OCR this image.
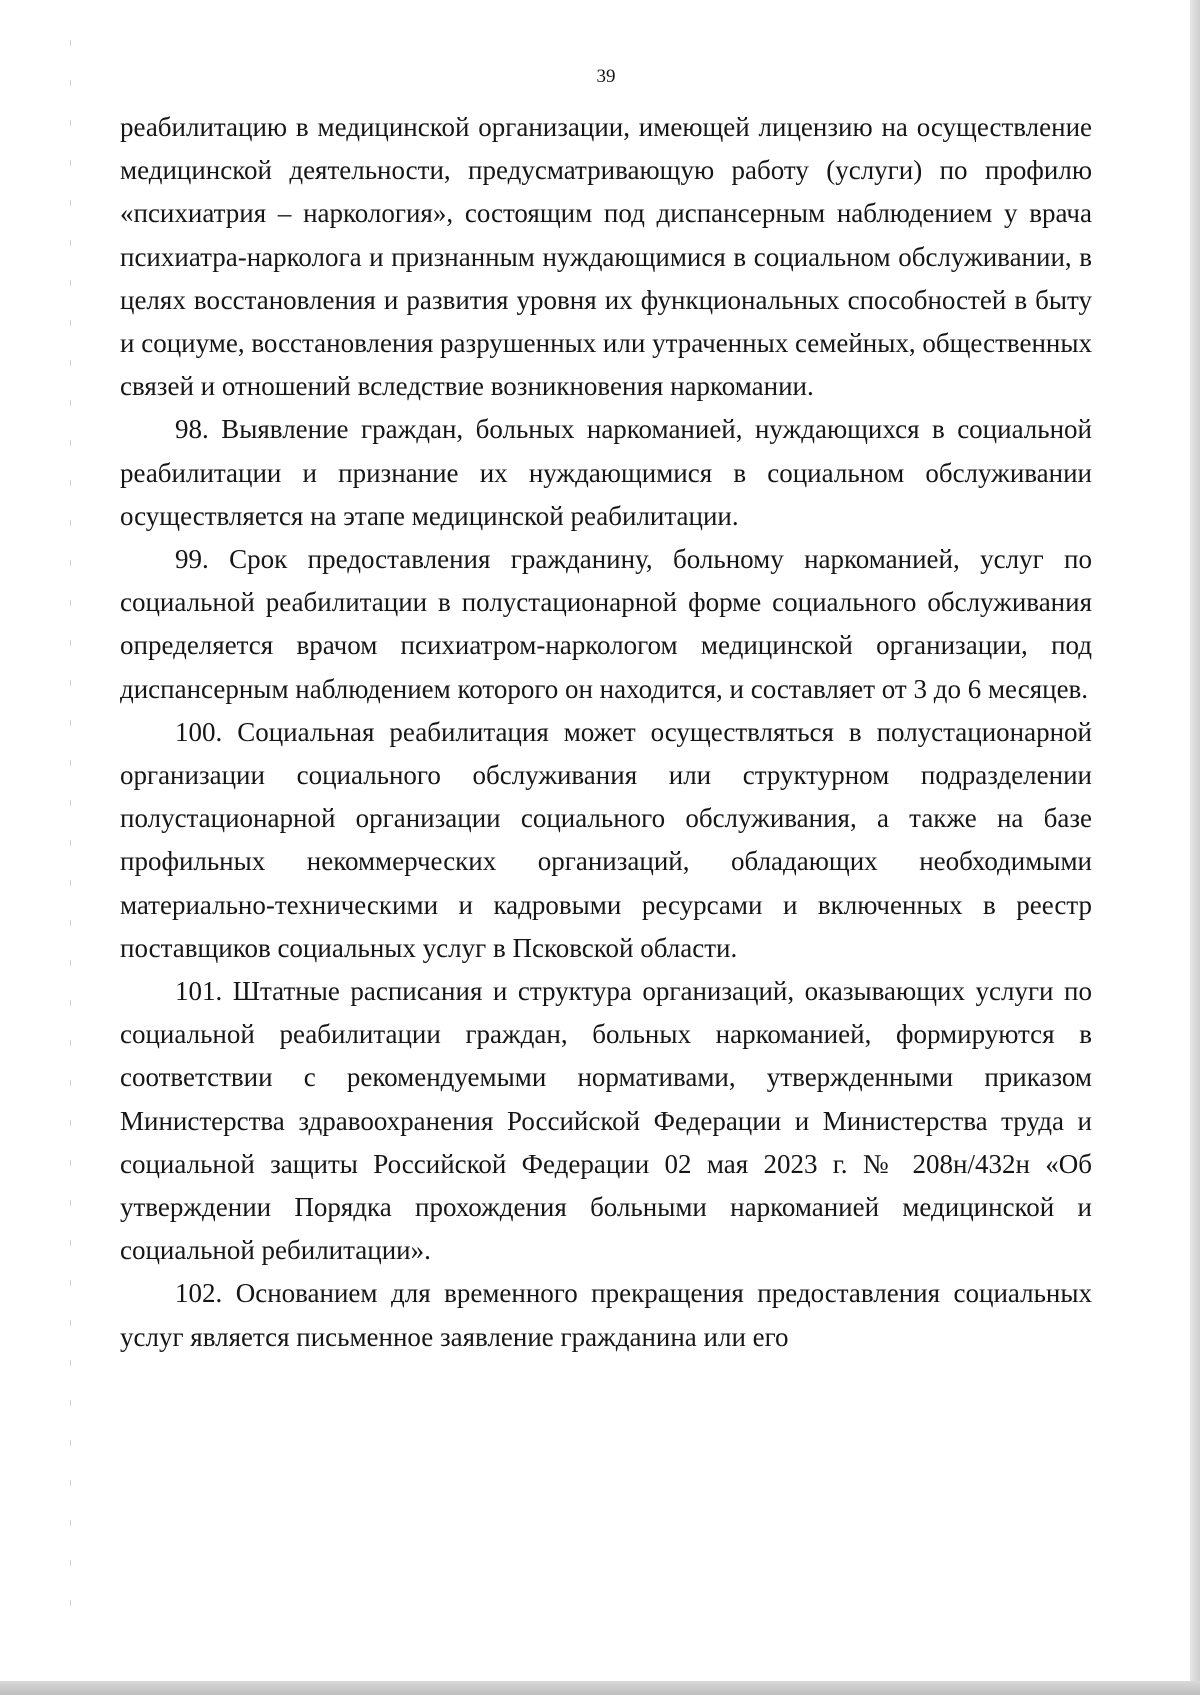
39

реабилитацию в медицинской организации, имеющей лицензию на осуществление медицинской деятельности, предусматривающую работу (услуги) по профилю «психиатрия – наркология», состоящим под диспансерным наблюдением у врача психиатра-нарколога и признанным нуждающимися в социальном обслуживании, в целях восстановления и развития уровня их функциональных способностей в быту и социуме, восстановления разрушенных или утраченных семейных, общественных связей и отношений вследствие возникновения наркомании.

98. Выявление граждан, больных наркоманией, нуждающихся в социальной реабилитации и признание их нуждающимися в социальном обслуживании осуществляется на этапе медицинской реабилитации.

99. Срок предоставления гражданину, больному наркоманией, услуг по социальной реабилитации в полустационарной форме социального обслуживания определяется врачом психиатром-наркологом медицинской организации, под диспансерным наблюдением которого он находится, и составляет от 3 до 6 месяцев.

100. Социальная реабилитация может осуществляться в полустационарной организации социального обслуживания или структурном подразделении полустационарной организации социального обслуживания, а также на базе профильных некоммерческих организаций, обладающих необходимыми материально-техническими и кадровыми ресурсами и включенных в реестр поставщиков социальных услуг в Псковской области.

101. Штатные расписания и структура организаций, оказывающих услуги по социальной реабилитации граждан, больных наркоманией, формируются в соответствии с рекомендуемыми нормативами, утвержденными приказом Министерства здравоохранения Российской Федерации и Министерства труда и социальной защиты Российской Федерации 02 мая 2023 г. № 208н/432н «Об утверждении Порядка прохождения больными наркоманией медицинской и социальной ребилитации».

102. Основанием для временного прекращения предоставления социальных услуг является письменное заявление гражданина или его
